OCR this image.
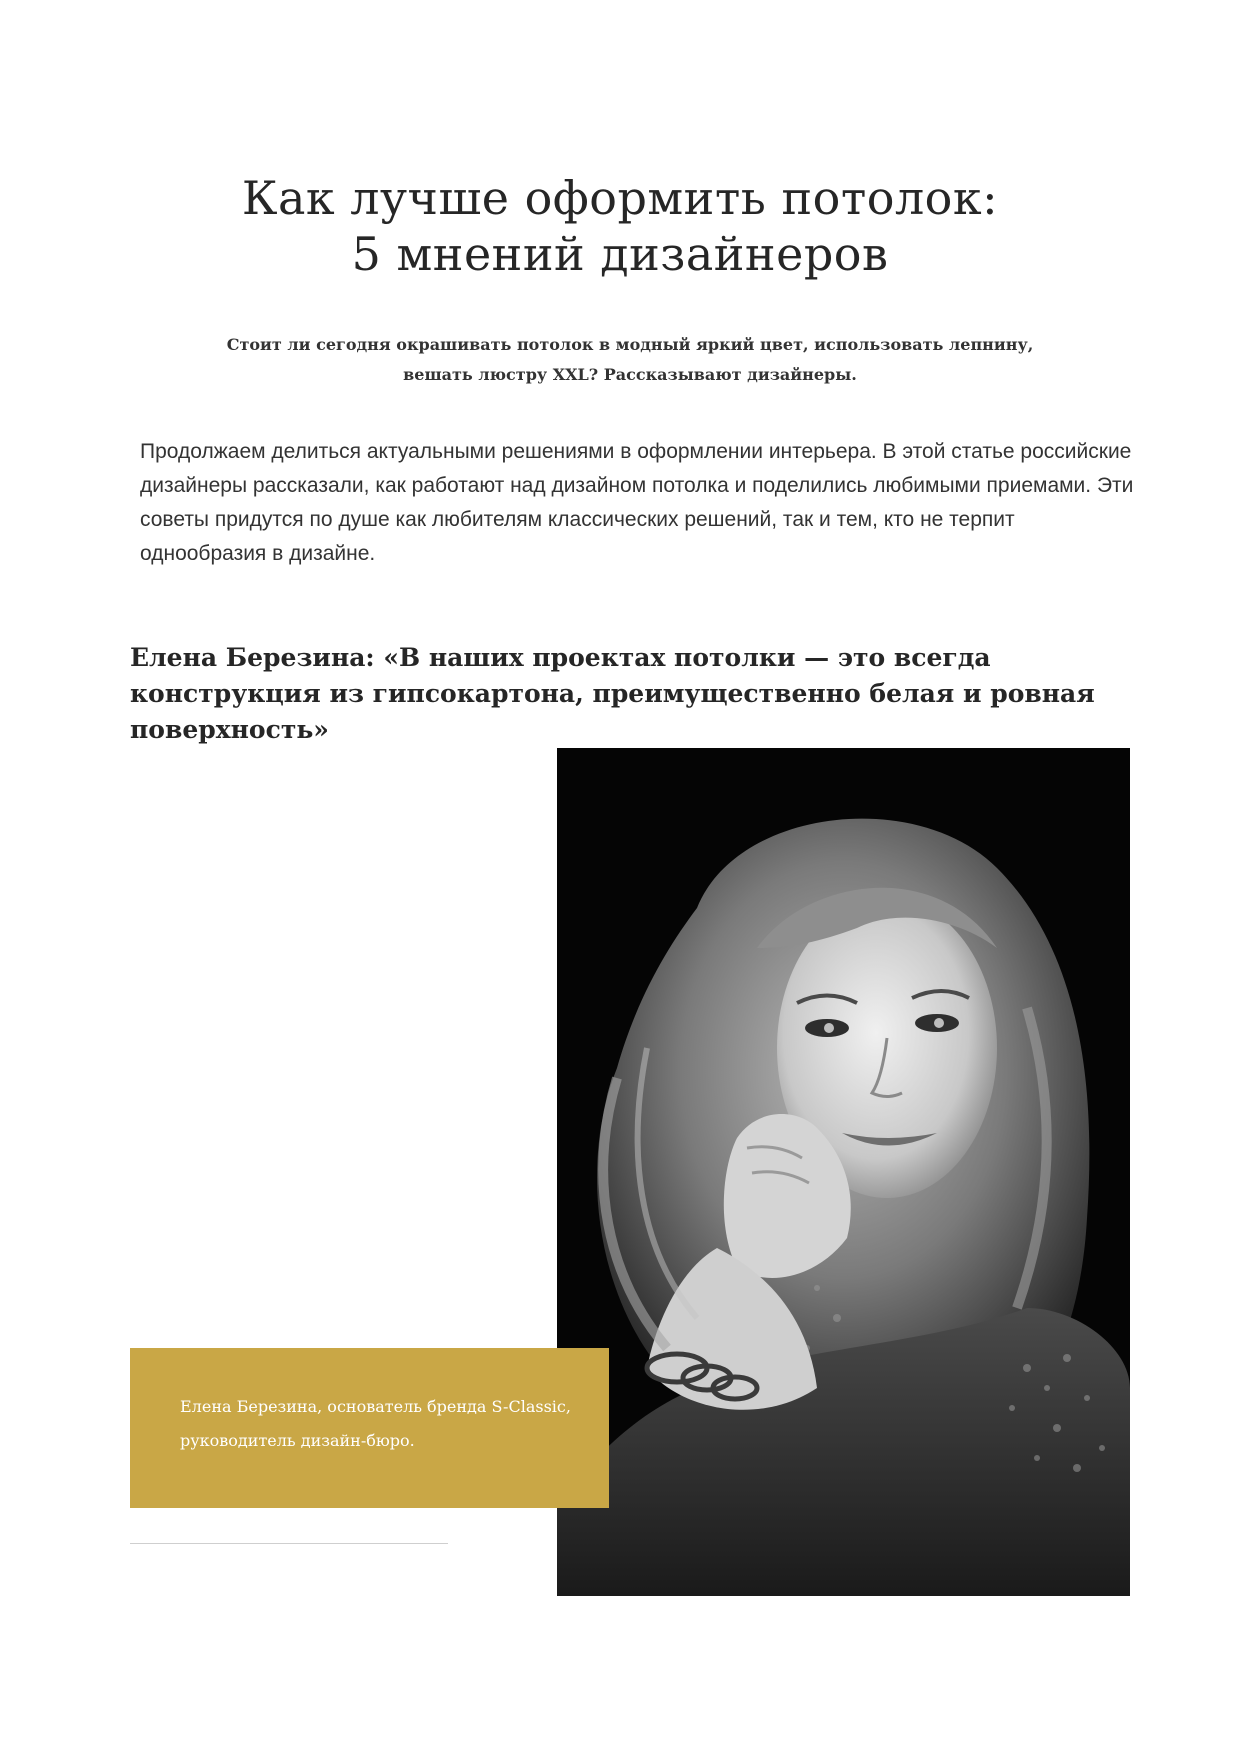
Как лучше оформить потолок:
5 мнений дизайнеров

Стоит ли сегодня окрашивать потолок в модный яркий цвет, использовать лепнину, вешать люстру XXL? Рассказывают дизайнеры.

Продолжаем делиться актуальными решениями в оформлении интерьера. В этой статье российские дизайнеры рассказали, как работают над дизайном потолка и поделились любимыми приемами. Эти советы придутся по душе как любителям классических решений, так и тем, кто не терпит однообразия в дизайне.

Елена Березина: «В наших проектах потолки — это всегда конструкция из гипсокартона, преимущественно белая и ровная поверхность»

Елена Березина, основатель бренда S-Classic,

руководитель дизайн-бюро.
